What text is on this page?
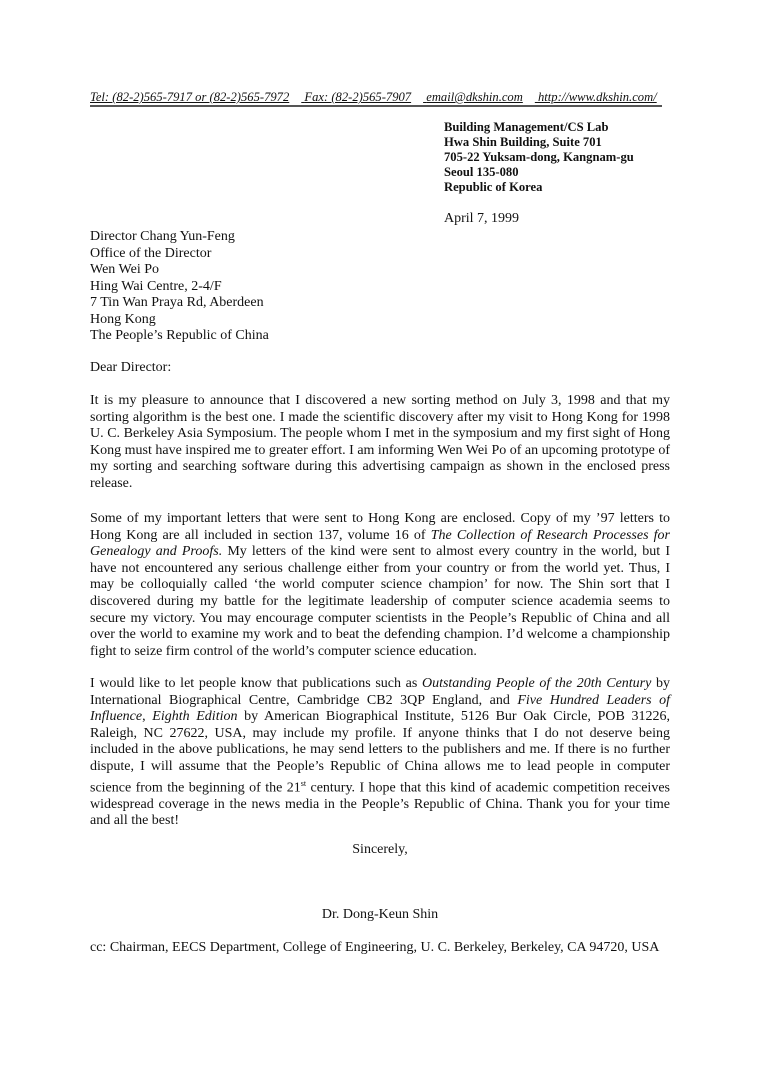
Tel: (82-2)565-7917 or (82-2)565-7972 Fax: (82-2)565-7907 email@dkshin.com http://www.dkshin.com/
Building Management/CS Lab
Hwa Shin Building, Suite 701
705-22 Yuksam-dong, Kangnam-gu
Seoul 135-080
Republic of Korea
April 7, 1999
Director Chang Yun-Feng
Office of the Director
Wen Wei Po
Hing Wai Centre, 2-4/F
7 Tin Wan Praya Rd, Aberdeen
Hong Kong
The People’s Republic of China
Dear Director:
It is my pleasure to announce that I discovered a new sorting method on July 3, 1998 and that my sorting algorithm is the best one. I made the scientific discovery after my visit to Hong Kong for 1998 U. C. Berkeley Asia Symposium. The people whom I met in the symposium and my first sight of Hong Kong must have inspired me to greater effort. I am informing Wen Wei Po of an upcoming prototype of my sorting and searching software during this advertising campaign as shown in the enclosed press release.
Some of my important letters that were sent to Hong Kong are enclosed. Copy of my ’97 letters to Hong Kong are all included in section 137, volume 16 of The Collection of Research Processes for Genealogy and Proofs. My letters of the kind were sent to almost every country in the world, but I have not encountered any serious challenge either from your country or from the world yet. Thus, I may be colloquially called ‘the world computer science champion’ for now. The Shin sort that I discovered during my battle for the legitimate leadership of computer science academia seems to secure my victory. You may encourage computer scientists in the People’s Republic of China and all over the world to examine my work and to beat the defending champion. I’d welcome a championship fight to seize firm control of the world’s computer science education.
I would like to let people know that publications such as Outstanding People of the 20th Century by International Biographical Centre, Cambridge CB2 3QP England, and Five Hundred Leaders of Influence, Eighth Edition by American Biographical Institute, 5126 Bur Oak Circle, POB 31226, Raleigh, NC 27622, USA, may include my profile. If anyone thinks that I do not deserve being included in the above publications, he may send letters to the publishers and me. If there is no further dispute, I will assume that the People’s Republic of China allows me to lead people in computer science from the beginning of the 21st century. I hope that this kind of academic competition receives widespread coverage in the news media in the People’s Republic of China. Thank you for your time and all the best!
Sincerely,
Dr. Dong-Keun Shin
cc: Chairman, EECS Department, College of Engineering, U. C. Berkeley, Berkeley, CA 94720, USA
